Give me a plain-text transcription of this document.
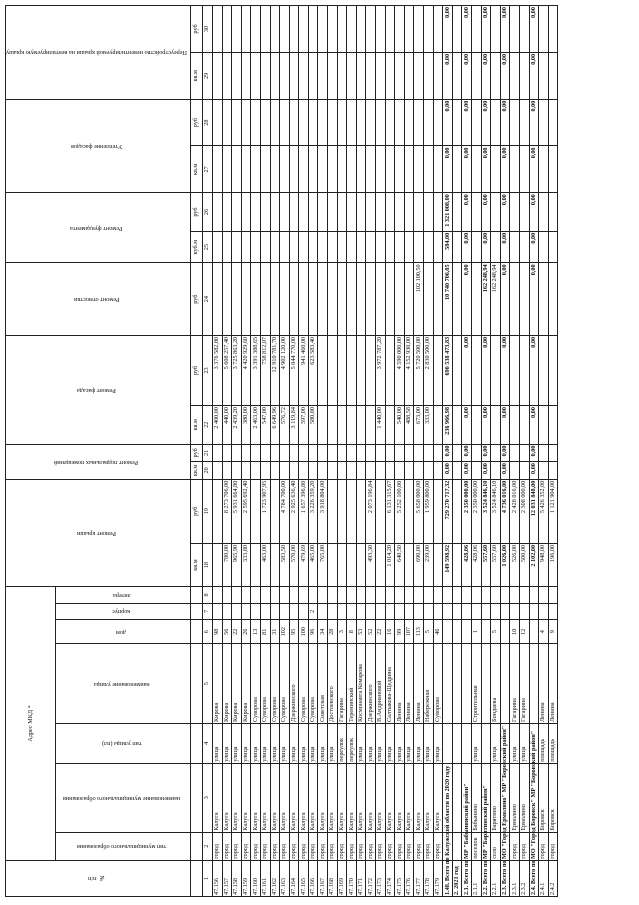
№ п/п	Адрес МКД *							Ремонт крыши		Ремонт подвальных помещений		Ремонт фасада		Ремонт отмостки	Ремонт фундамента		Утепление фасадов		Переустройство невентилируемой крыши на вентилируемую крышу	
	тип муниципального образования	наименование муниципального образования	тип улицы (пл)	наименование улицы	дом	корпус	литера													
								кв.м	руб	кв.м	руб	кв.м	руб	руб	куб.м	руб	кв.м	руб	кв.м	руб
1	2	3	4	5	6	7	8	18	19	20	21	22	23	24	25	26	27	28	29	30
47.156	город	Калуга	улица	Кирова	98							2 400,00	3 376 582,80							
47.157	город	Калуга	улица	Кирова	56			780,00	8 273 706,00			440,00	5 608 257,40							
47.158	город	Калуга	улица	Кирова	22			965,90	5 931 664,80			2 439,20	3 725 863,20							
47.159	город	Калуга	улица	Кирова	26			333,80	2 595 692,40			380,00	4 420 929,60							
47.160	город	Калуга	улица	Суворова	13							2 463,00	3 391 388,65							
47.161	город	Калуга	улица	Суворова	81			463,00	1 723 907,95			547,00	758 812,07							
47.162	город	Калуга	улица	Суворова	31							6 649,96	12 910 781,70							
47.163	город	Калуга	улица	Суворова	102			583,50	4 784 700,00			576,72	4 902 120,00							
47.164	город	Калуга	улица	Дзержинского	95			570,00	2 925 636,40			3 119,84	5 044 770,00							
47.165	город	Калуга	улица	Суворова	100			479,69	1 657 396,80			597,00	941 460,00							
47.166	город	Калуга	улица	Суворова	96	2		465,00	3 226 359,20			580,00	623 583,40							
47.167	город	Калуга	улица	Советская	34			765,00	3 918 804,00											
47.168	город	Калуга	улица	Достоевского	28															
47.169	город	Калуга	переулок	Гагарина	3															
47.170	город	Калуга	переулок	Теренинский	8															
47.171	город	Калуга	улица	Космонавта Комарова	53															
47.172	город	Калуга	улица	Дзержинского	52			493,30	2 073 196,84											
47.173	город	Калуга	улица	В.Андриановой	22							1 440,00	3 972 787,20							
47.174	город	Калуга	улица	Салтыкова-Щедрина	16			1 014,20	6 131 315,67											
47.175	город	Калуга	улица	Ленина	99			640,50	5 252 100,00			540,00	4 590 000,00							
47.176	город	Калуга	улица	Ленина	107							488,58	4 152 930,00							
47.177	город	Калуга	улица	Ленина	113			690,00	5 658 000,00			673,00	5 720 500,00	102 100,50						
47.178	город	Калуга	улица	Набережная	5			239,00	1 959 800,00			333,00	2 830 500,00							
47.179	город	Калуга	улица	Суворова	46															
1.48. Всего по Калужской области по 2020 году								149 598,92	729 270 717,32	0,00	0,00	236 966,98	690 538 473,83	10 740 706,05	584,00	1 321 008,00	0,00	0,00	0,00	0,00
2. 2021 год																				
2.1. Всего по МР "Бабынинский район"								428,06	2 350 000,00	0,00	0,00	0,00	0,00	0,00	0,00	0,00	0,00	0,00	0,00	0,00
2.1.1	поселок	Бабынино	улица	Строительная	1			428,06	2 350 000,00											
2.2. Всего по МР "Барятинский район"								557,60	3 524 846,10	0,00	0,00	0,00	0,00	162 248,94	0,00	0,00	0,00	0,00	0,00	0,00
2.2.1	село	Барятино	улица	Бондаева	5			557,60	3 524 846,10					162 248,94						
2.3. Всего по МО "Город Ермолино" МР "Боровский район"								1 026,00	4 736 016,00	0,00	0,00	0,00	0,00	0,00	0,00	0,00	0,00	0,00	0,00	0,00
2.3.1	город	Ермолино	улица	Гагарина	10			526,00	2 428 016,00											
2.3.2	город	Ермолино	улица	Гагарина	12			500,00	2 308 000,00											
2.4. Всего по МО "Город Боровск" МР "Боровский район"								2 102,00	12 031 848,00	0,00	0,00	0,00	0,00	0,00	0,00	0,00	0,00	0,00	0,00	0,00
2.4.1	город	Боровск	площадь	Ленина	4			948,00	5 426 352,00											
2.4.2	город	Боровск	площадь	Ленина	9			196,00	1 121 904,00											
